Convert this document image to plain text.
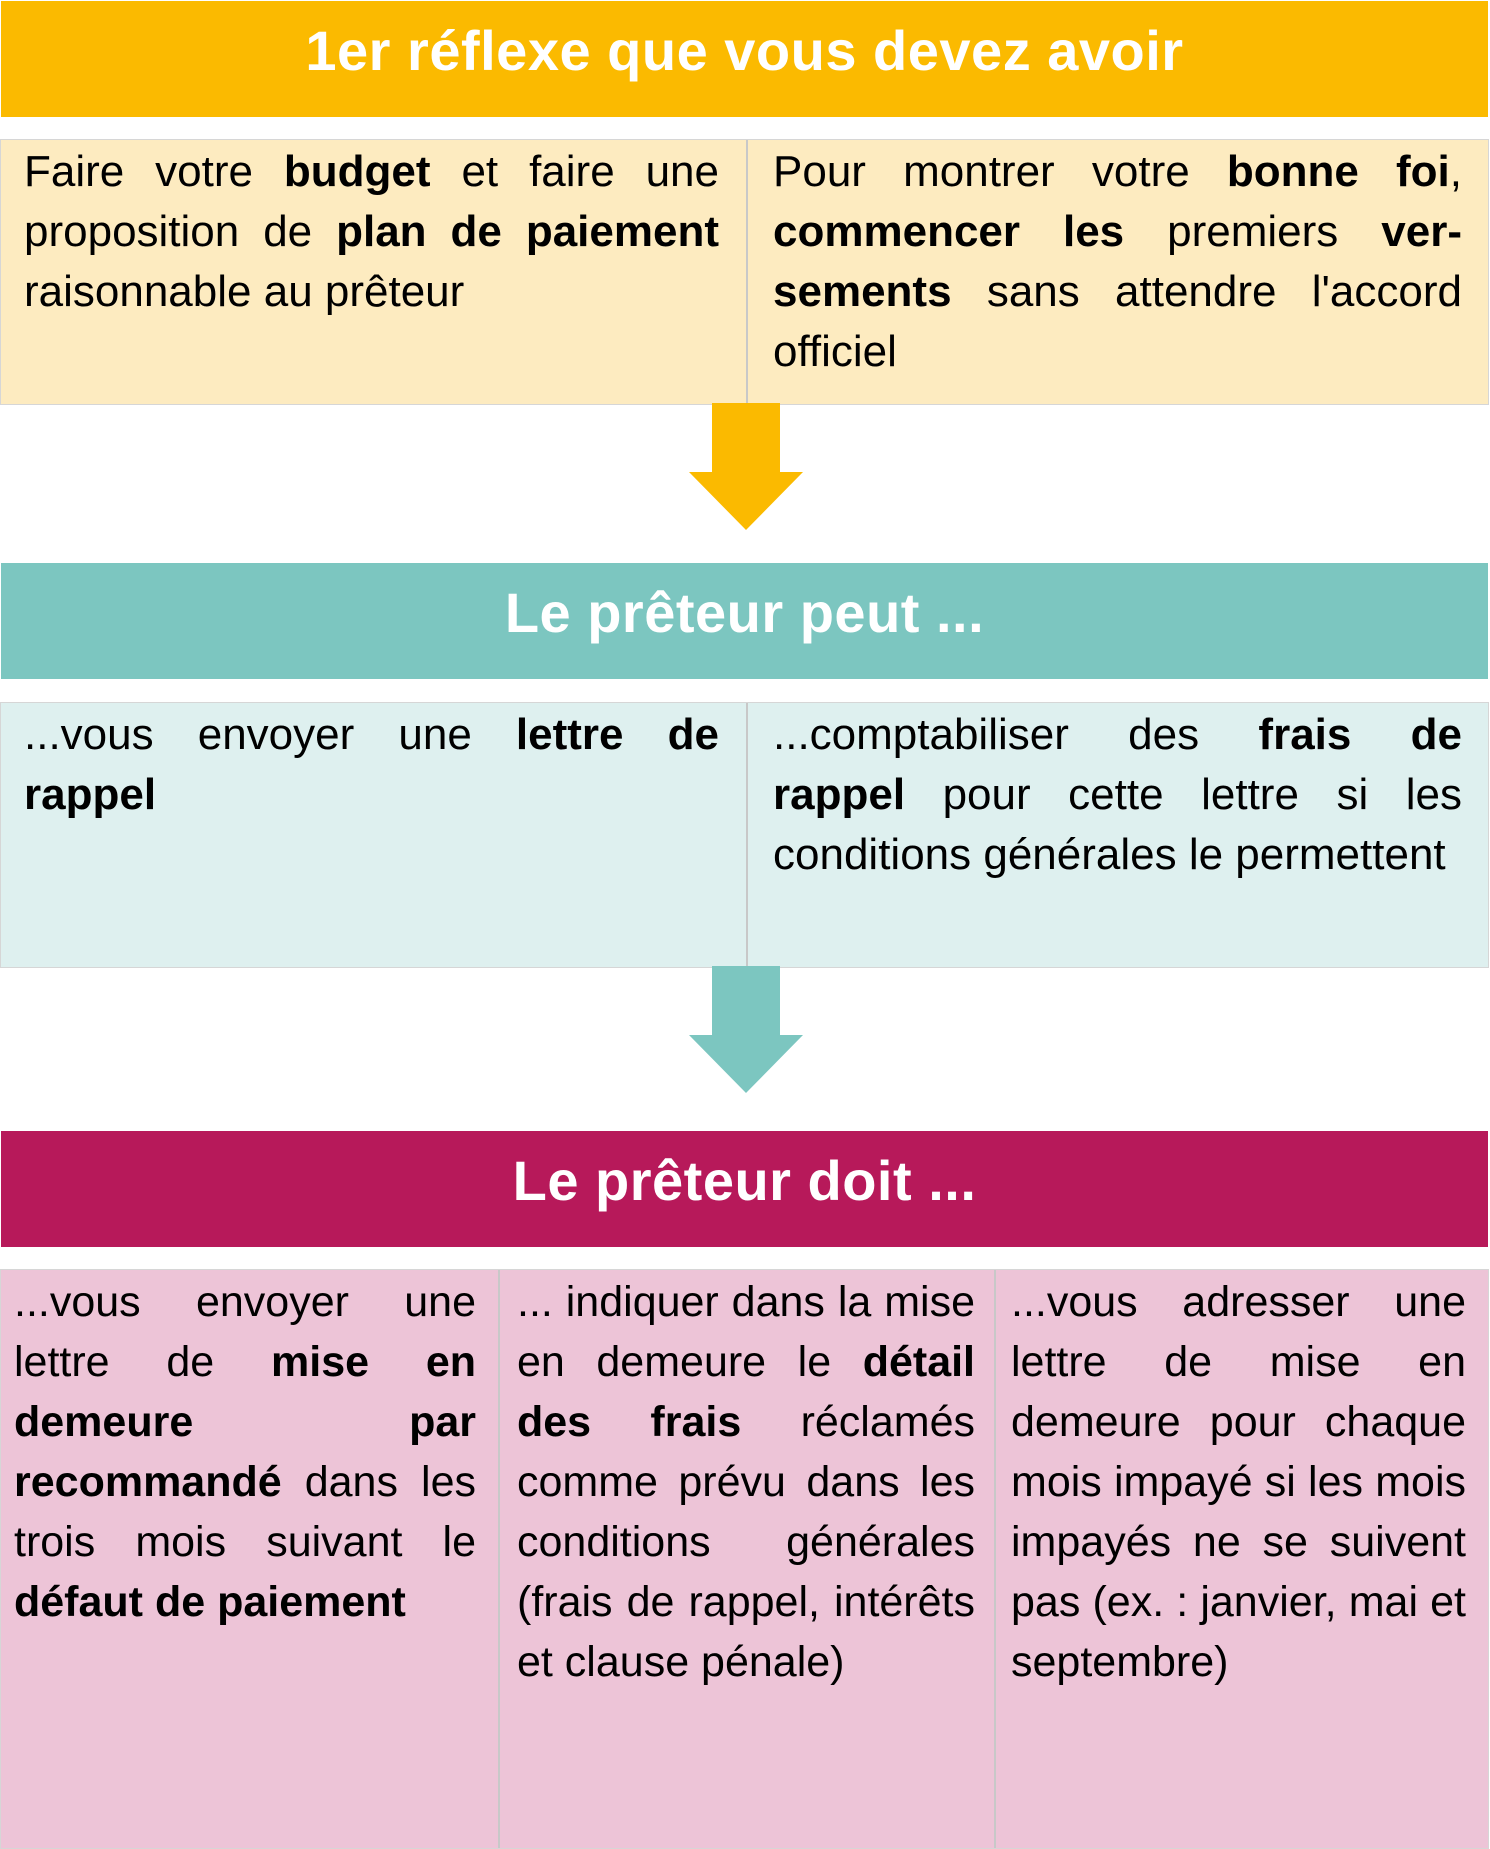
1er réflexe que vous devez avoir
Faire votre budget et faire une proposition de plan de paiement raisonnable au prêteur
Pour montrer votre bonne foi, commencer les premiers versements sans attendre l'accord officiel
Le prêteur peut ...
...vous envoyer une lettre de rappel
...comptabiliser des frais de rappel pour cette lettre si les conditions générales le permettent
Le prêteur doit ...
...vous envoyer une lettre de mise en demeure par recommandé dans les trois mois suivant le défaut de paiement
... indiquer dans la mise en demeure le détail des frais réclamés comme prévu dans les conditions générales (frais de rappel, intérêts et clause pénale)
...vous adresser une lettre de mise en demeure pour chaque mois impayé si les mois impayés ne se suivent pas (ex. : janvier, mai et septembre)
